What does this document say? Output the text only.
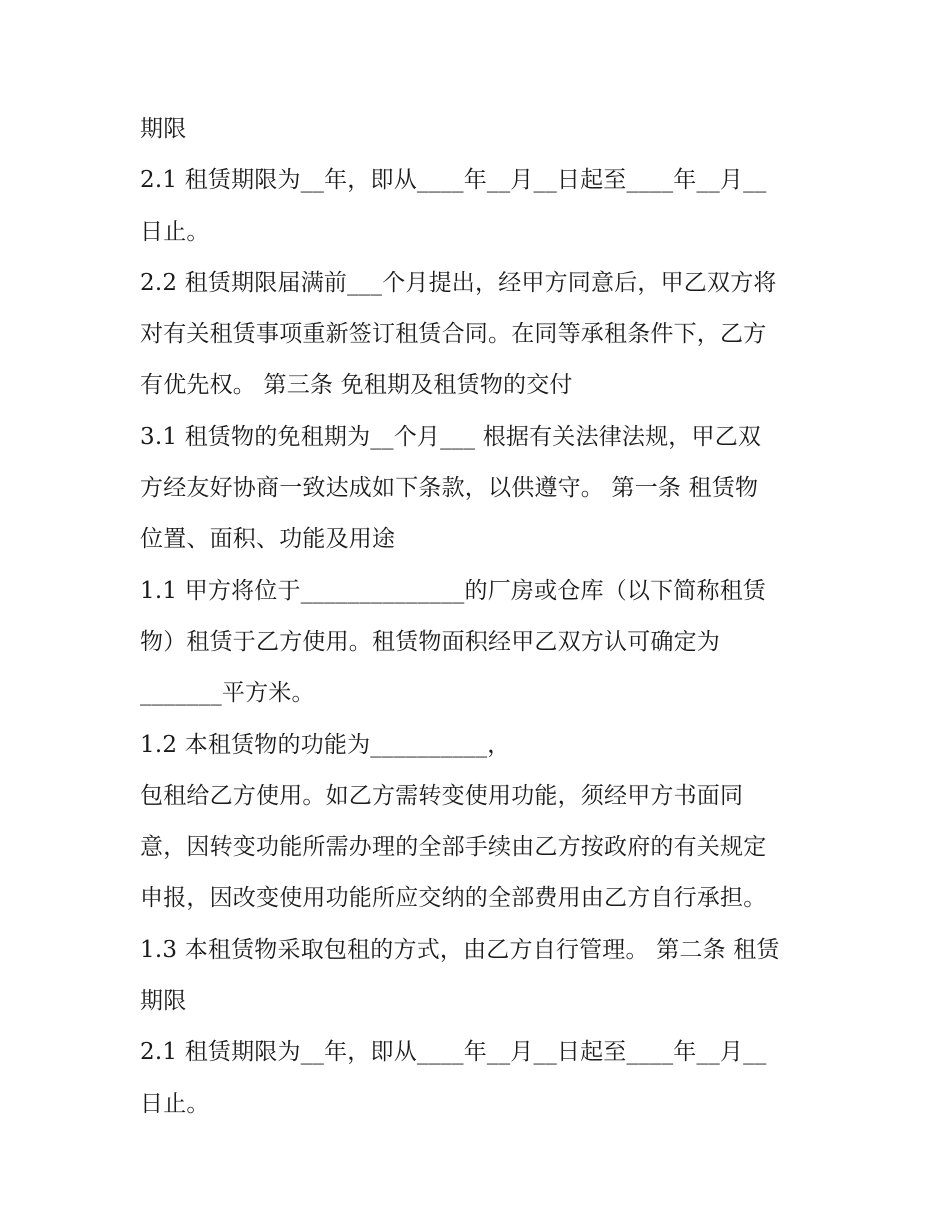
期限
2.1 租赁期限为__年，即从____年__月__日起至____年__月__
日止。
2.2 租赁期限届满前___个月提出，经甲方同意后，甲乙双方将
对有关租赁事项重新签订租赁合同。在同等承租条件下，乙方
有优先权。 第三条 免租期及租赁物的交付
3.1 租赁物的免租期为__个月___ 根据有关法律法规，甲乙双
方经友好协商一致达成如下条款，以供遵守。 第一条 租赁物
位置、面积、功能及用途
1.1 甲方将位于______________的厂房或仓库（以下简称租赁
物）租赁于乙方使用。租赁物面积经甲乙双方认可确定为
_______平方米。
1.2 本租赁物的功能为__________，
包租给乙方使用。如乙方需转变使用功能，须经甲方书面同
意，因转变功能所需办理的全部手续由乙方按政府的有关规定
申报，因改变使用功能所应交纳的全部费用由乙方自行承担。
1.3 本租赁物采取包租的方式，由乙方自行管理。 第二条 租赁
期限
2.1 租赁期限为__年，即从____年__月__日起至____年__月__
日止。
